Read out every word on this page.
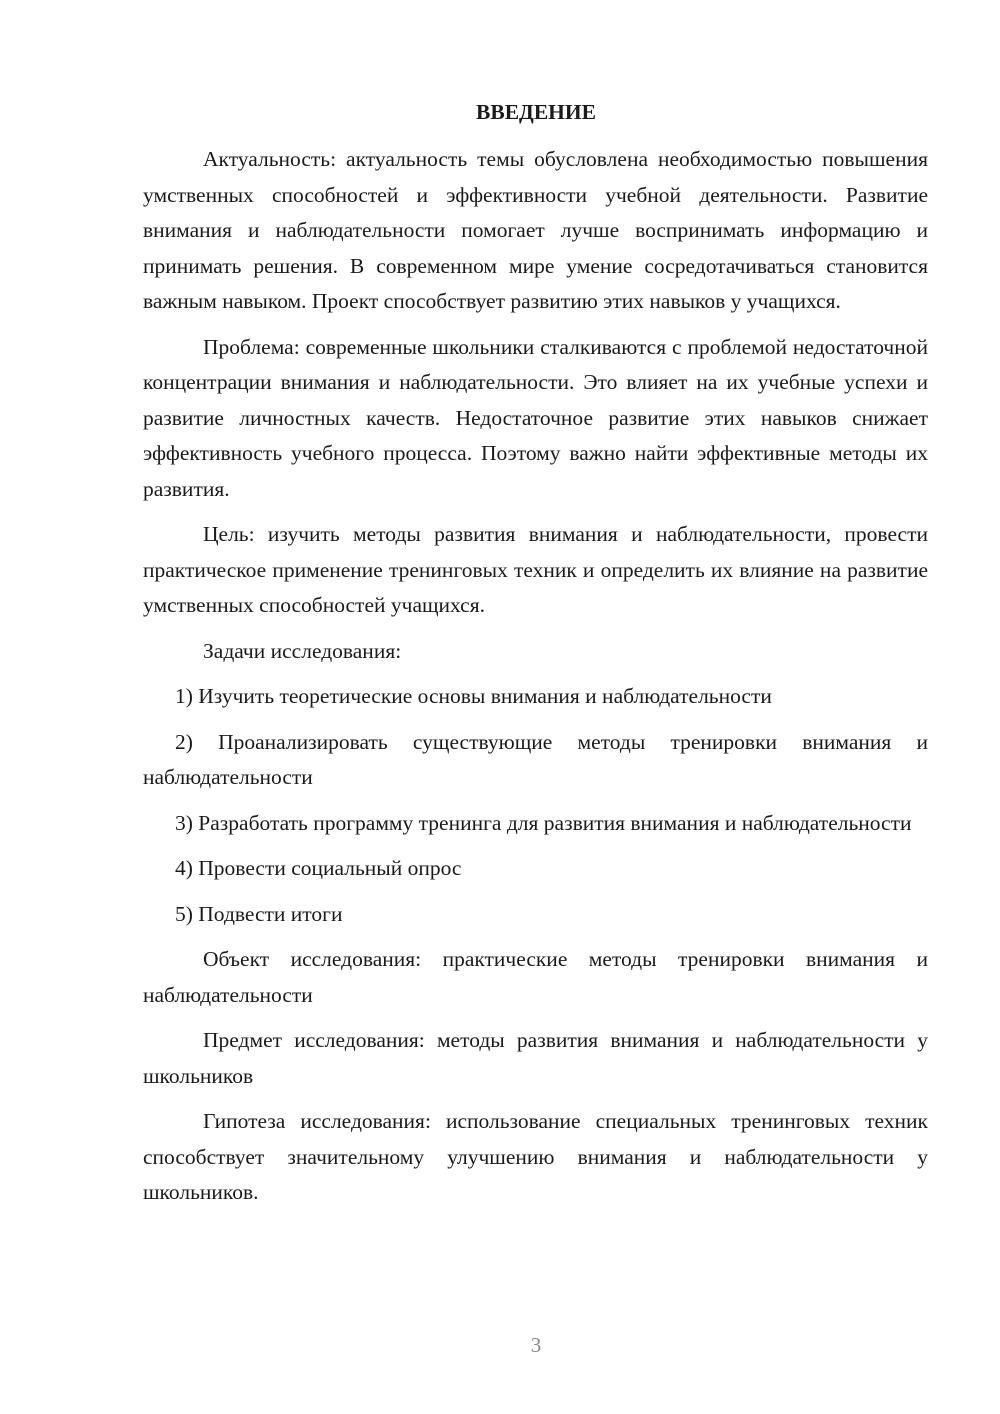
ВВЕДЕНИЕ

Актуальность: актуальность темы обусловлена необходимостью повышения умственных способностей и эффективности учебной деятельности. Развитие внимания и наблюдательности помогает лучше воспринимать информацию и принимать решения. В современном мире умение сосредотачиваться становится важным навыком. Проект способствует развитию этих навыков у учащихся.

Проблема: современные школьники сталкиваются с проблемой недостаточной концентрации внимания и наблюдательности. Это влияет на их учебные успехи и развитие личностных качеств. Недостаточное развитие этих навыков снижает эффективность учебного процесса. Поэтому важно найти эффективные методы их развития.

Цель: изучить методы развития внимания и наблюдательности, провести практическое применение тренинговых техник и определить их влияние на развитие умственных способностей учащихся.

Задачи исследования:

1) Изучить теоретические основы внимания и наблюдательности

2) Проанализировать существующие методы тренировки внимания и наблюдательности

3) Разработать программу тренинга для развития внимания и наблюдательности

4) Провести социальный опрос

5) Подвести итоги

Объект исследования: практические методы тренировки внимания и наблюдательности

Предмет исследования: методы развития внимания и наблюдательности у школьников

Гипотеза исследования: использование специальных тренинговых техник способствует значительному улучшению внимания и наблюдательности у школьников.

3
